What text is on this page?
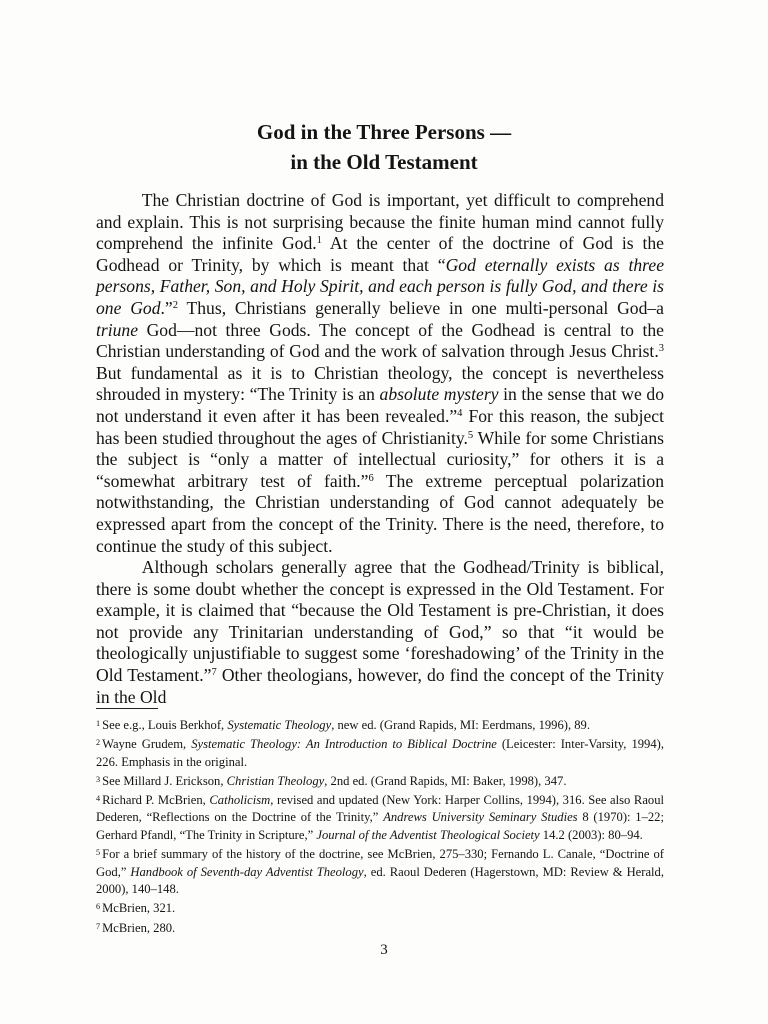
God in the Three Persons —
in the Old Testament

The Christian doctrine of God is important, yet difficult to comprehend and explain. This is not surprising because the finite human mind cannot fully comprehend the infinite God.$^1$ At the center of the doctrine of God is the Godhead or Trinity, by which is meant that “God eternally exists as three persons, Father, Son, and Holy Spirit, and each person is fully God, and there is one God.”$^2$ Thus, Christians generally believe in one multi-personal God–a triune God—not three Gods. The concept of the Godhead is central to the Christian understanding of God and the work of salvation through Jesus Christ.$^3$ But fundamental as it is to Christian theology, the concept is nevertheless shrouded in mystery: “The Trinity is an absolute mystery in the sense that we do not understand it even after it has been revealed.”$^4$ For this reason, the subject has been studied throughout the ages of Christianity.$^5$ While for some Christians the subject is “only a matter of intellectual curiosity,” for others it is a “somewhat arbitrary test of faith.”$^6$ The extreme perceptual polarization notwithstanding, the Christian understanding of God cannot adequately be expressed apart from the concept of the Trinity. There is the need, therefore, to continue the study of this subject.

Although scholars generally agree that the Godhead/Trinity is biblical, there is some doubt whether the concept is expressed in the Old Testament. For example, it is claimed that “because the Old Testament is pre-Christian, it does not provide any Trinitarian understanding of God,” so that “it would be theologically unjustifiable to suggest some ‘foreshadowing’ of the Trinity in the Old Testament.”$^7$ Other theologians, however, do find the concept of the Trinity in the Old

$^1$ See e.g., Louis Berkhof, Systematic Theology, new ed. (Grand Rapids, MI: Eerdmans, 1996), 89.

$^2$ Wayne Grudem, Systematic Theology: An Introduction to Biblical Doctrine (Leicester: Inter-Varsity, 1994), 226. Emphasis in the original.

$^3$ See Millard J. Erickson, Christian Theology, 2nd ed. (Grand Rapids, MI: Baker, 1998), 347.

$^4$ Richard P. McBrien, Catholicism, revised and updated (New York: Harper Collins, 1994), 316. See also Raoul Dederen, “Reflections on the Doctrine of the Trinity,” Andrews University Seminary Studies 8 (1970): 1–22; Gerhard Pfandl, “The Trinity in Scripture,” Journal of the Adventist Theological Society 14.2 (2003): 80–94.

$^5$ For a brief summary of the history of the doctrine, see McBrien, 275–330; Fernando L. Canale, “Doctrine of God,” Handbook of Seventh-day Adventist Theology, ed. Raoul Dederen (Hagerstown, MD: Review & Herald, 2000), 140–148.

$^6$ McBrien, 321.

$^7$ McBrien, 280.

3
